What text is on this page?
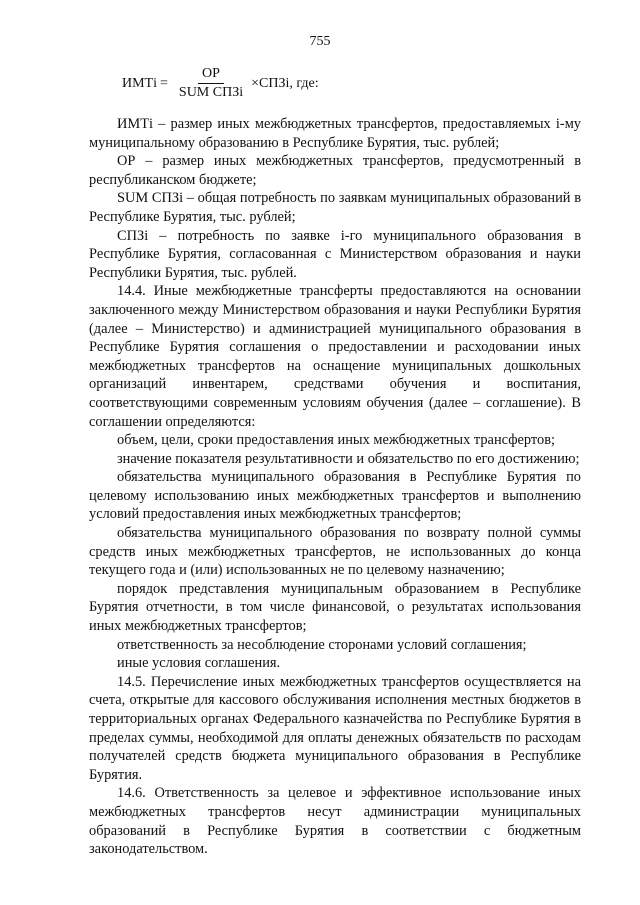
755
ИМТі = $\frac{ОР}{\text{SUM СПЗі}}$ × СПЗі , где:

ИМТі – размер иных межбюджетных трансфертов, предоставляемых і-му муниципальному образованию в Республике Бурятия, тыс. рублей;

ОР – размер иных межбюджетных трансфертов, предусмотренный в республиканском бюджете;

SUM СПЗі – общая потребность по заявкам муниципальных образований в Республике Бурятия, тыс. рублей;

СПЗі – потребность по заявке і-го муниципального образования в Республике Бурятия, согласованная с Министерством образования и науки Республики Бурятия, тыс. рублей.

14.4. Иные межбюджетные трансферты предоставляются на основании заключенного между Министерством образования и науки Республики Бурятия (далее – Министерство) и администрацией муниципального образования в Республике Бурятия соглашения о предоставлении и расходовании иных межбюджетных трансфертов на оснащение муниципальных дошкольных организаций инвентарем, средствами обучения и воспитания, соответствующими современным условиям обучения (далее – соглашение). В соглашении определяются:

объем, цели, сроки предоставления иных межбюджетных трансфертов;

значение показателя результативности и обязательство по его достижению;

обязательства муниципального образования в Республике Бурятия по целевому использованию иных межбюджетных трансфертов и выполнению условий предоставления иных межбюджетных трансфертов;

обязательства муниципального образования по возврату полной суммы средств иных межбюджетных трансфертов, не использованных до конца текущего года и (или) использованных не по целевому назначению;

порядок представления муниципальным образованием в Республике Бурятия отчетности, в том числе финансовой, о результатах использования иных межбюджетных трансфертов;

ответственность за несоблюдение сторонами условий соглашения;

иные условия соглашения.

14.5. Перечисление иных межбюджетных трансфертов осуществляется на счета, открытые для кассового обслуживания исполнения местных бюджетов в территориальных органах Федерального казначейства по Республике Бурятия в пределах суммы, необходимой для оплаты денежных обязательств по расходам получателей средств бюджета муниципального образования в Республике Бурятия.

14.6. Ответственность за целевое и эффективное использование иных межбюджетных трансфертов несут администрации муниципальных образований в Республике Бурятия в соответствии с бюджетным законодательством.
